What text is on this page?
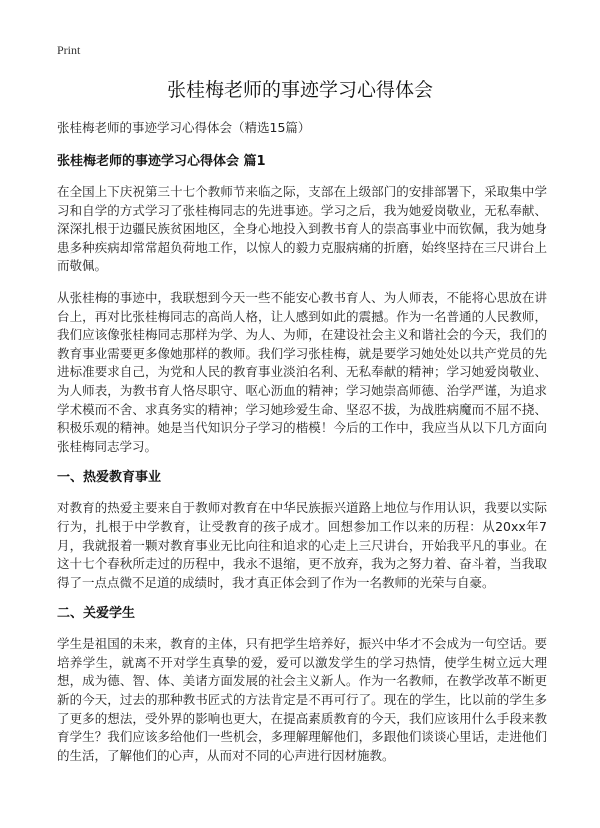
Print
张桂梅老师的事迹学习心得体会

张桂梅老师的事迹学习心得体会（精选15篇）

张桂梅老师的事迹学习心得体会 篇1

在全国上下庆祝第三十七个教师节来临之际，支部在上级部门的安排部署下，采取集中学习和自学的方式学习了张桂梅同志的先进事迹。学习之后，我为她爱岗敬业，无私奉献、深深扎根于边疆民族贫困地区，全身心地投入到教书育人的崇高事业中而钦佩，我为她身患多种疾病却常常超负荷地工作，以惊人的毅力克服病痛的折磨，始终坚持在三尺讲台上而敬佩。

从张桂梅的事迹中，我联想到今天一些不能安心教书育人、为人师表，不能将心思放在讲台上，再对比张桂梅同志的高尚人格，让人感到如此的震撼。作为一名普通的人民教师，我们应该像张桂梅同志那样为学、为人、为师，在建设社会主义和谐社会的今天，我们的教育事业需要更多像她那样的教师。我们学习张桂梅，就是要学习她处处以共产党员的先进标准要求自己，为党和人民的教育事业淡泊名利、无私奉献的精神；学习她爱岗敬业、为人师表，为教书育人恪尽职守、呕心沥血的精神；学习她崇高师德、治学严谨，为追求学术模而不舍、求真务实的精神；学习她珍爱生命、坚忍不拔，为战胜病魔而不屈不挠、积极乐观的精神。她是当代知识分子学习的楷模！今后的工作中，我应当从以下几方面向张桂梅同志学习。

一、热爱教育事业

对教育的热爱主要来自于教师对教育在中华民族振兴道路上地位与作用认识，我要以实际行为，扎根于中学教育，让受教育的孩子成才。回想参加工作以来的历程：从20xx年7月，我就报着一颗对教育事业无比向往和追求的心走上三尺讲台，开始我平凡的事业。在这十七个春秋所走过的历程中，我永不退缩，更不放弃，我为之努力着、奋斗着，当我取得了一点点微不足道的成绩时，我才真正体会到了作为一名教师的光荣与自豪。

二、关爱学生

学生是祖国的未来，教育的主体，只有把学生培养好，振兴中华才不会成为一句空话。要培养学生，就离不开对学生真挚的爱，爱可以激发学生的学习热情，使学生树立远大理想，成为德、智、体、美诸方面发展的社会主义新人。作为一名教师，在教学改革不断更新的今天，过去的那种教书匠式的方法肯定是不再可行了。现在的学生，比以前的学生多了更多的想法，受外界的影响也更大，在提高素质教育的今天，我们应该用什么手段来教育学生？我们应该多给他们一些机会，多理解理解他们，多跟他们谈谈心里话，走进他们的生活，了解他们的心声，从而对不同的心声进行因材施教。
